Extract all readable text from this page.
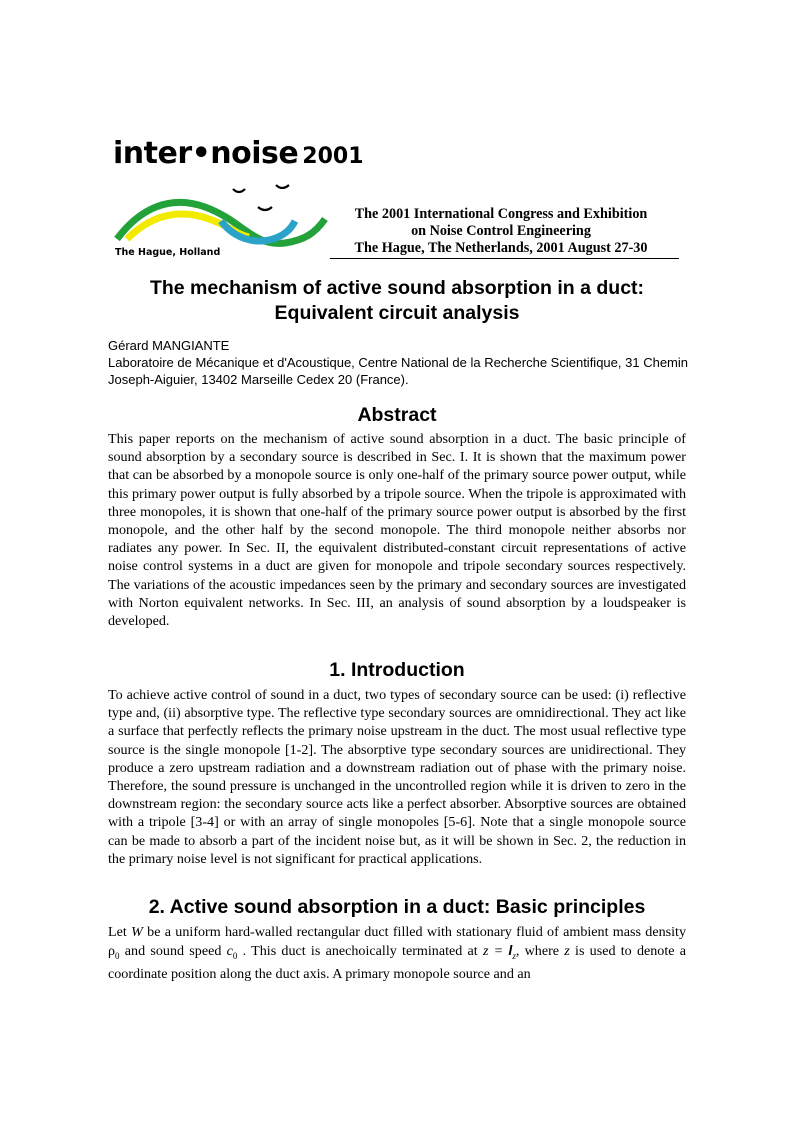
inter•noise 2001
The Hague, Holland
The 2001 International Congress and Exhibition
on Noise Control Engineering
The Hague, The Netherlands, 2001 August 27-30
The mechanism of active sound absorption in a duct:
Equivalent circuit analysis
Gérard MANGIANTE
Laboratoire de Mécanique et d'Acoustique, Centre National de la Recherche Scientifique, 31 Chemin Joseph-Aiguier, 13402 Marseille Cedex 20 (France).
Abstract

This paper reports on the mechanism of active sound absorption in a duct. The basic principle of sound absorption by a secondary source is described in Sec. I. It is shown that the maximum power that can be absorbed by a monopole source is only one-half of the primary source power output, while this primary power output is fully absorbed by a tripole source. When the tripole is approximated with three monopoles, it is shown that one-half of the primary source power output is absorbed by the first monopole, and the other half by the second monopole. The third monopole neither absorbs nor radiates any power. In Sec. II, the equivalent distributed-constant circuit representations of active noise control systems in a duct are given for monopole and tripole secondary sources respectively. The variations of the acoustic impedances seen by the primary and secondary sources are investigated with Norton equivalent networks. In Sec. III, an analysis of sound absorption by a loudspeaker is developed.

1. Introduction

To achieve active control of sound in a duct, two types of secondary source can be used: (i) reflective type and, (ii) absorptive type. The reflective type secondary sources are omnidirectional. They act like a surface that perfectly reflects the primary noise upstream in the duct. The most usual reflective type source is the single monopole [1-2]. The absorptive type secondary sources are unidirectional. They produce a zero upstream radiation and a downstream radiation out of phase with the primary noise. Therefore, the sound pressure is unchanged in the uncontrolled region while it is driven to zero in the downstream region: the secondary source acts like a perfect absorber. Absorptive sources are obtained with a tripole [3-4] or with an array of single monopoles [5-6]. Note that a single monopole source can be made to absorb a part of the incident noise but, as it will be shown in Sec. 2, the reduction in the primary noise level is not significant for practical applications.

2. Active sound absorption in a duct: Basic principles

Let W be a uniform hard-walled rectangular duct filled with stationary fluid of ambient mass density $\rho_0$ and sound speed $c_0$ . This duct is anechoically terminated at $z = l_z$, where z is used to denote a coordinate position along the duct axis. A primary monopole source and an
